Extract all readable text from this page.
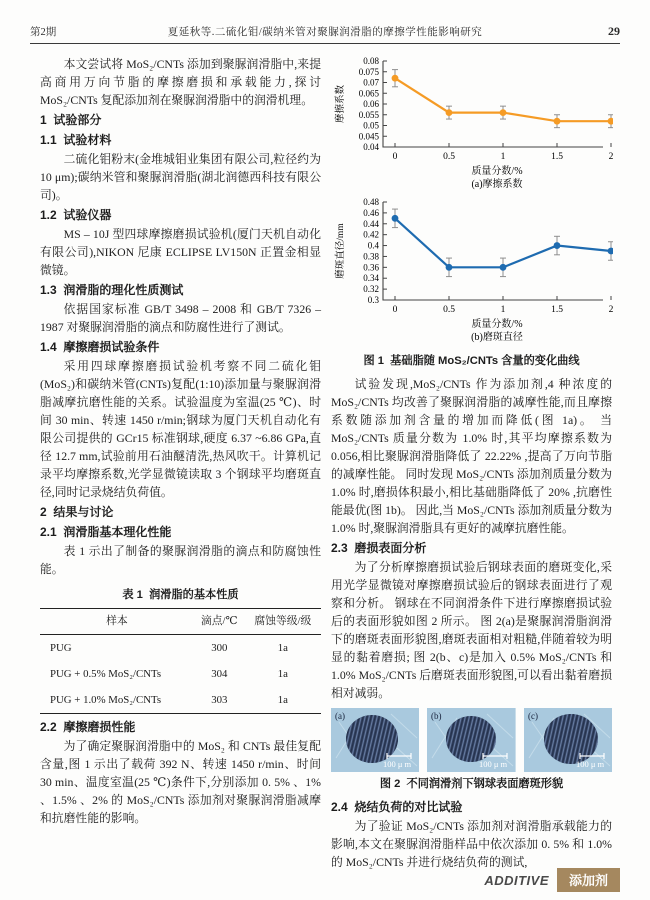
第2期	夏延秋等.二硫化钼/碳纳米管对聚脲润滑脂的摩擦学性能影响研究	29

本文尝试将 MoS₂/CNTs 添加到聚脲润滑脂中,来提高商用万向节脂的摩擦磨损和承载能力,探讨 MoS₂/CNTs 复配添加剂在聚脲润滑脂中的润滑机理。

1  试验部分
1.1  试验材料

二硫化钼粉末(金堆城钼业集团有限公司,粒径约为 10 μm);碳纳米管和聚脲润滑脂(湖北润德西科技有限公司)。

1.2  试验仪器

MS – 10J 型四球摩擦磨损试验机(厦门天机自动化有限公司),NIKON 尼康 ECLIPSE LV150N 正置金相显微镜。

1.3  润滑脂的理化性质测试

依据国家标准 GB/T 3498 – 2008 和 GB/T 7326 – 1987 对聚脲润滑脂的滴点和防腐性进行了测试。

1.4  摩擦磨损试验条件

采用四球摩擦磨损试验机考察不同二硫化钼(MoS₂)和碳纳米管(CNTs)复配(1:10)添加量与聚脲润滑脂减摩抗磨性能的关系。试验温度为室温(25 ℃)、时间 30 min、转速 1450 r/min;钢球为厦门天机自动化有限公司提供的 GCr15 标准钢球,硬度 6.37 ~6.86 GPa,直径 12.7 mm,试验前用石油醚清洗,热风吹干。计算机记录平均摩擦系数,光学显微镜读取 3 个钢球平均磨斑直径,同时记录烧结负荷值。

2  结果与讨论
2.1  润滑脂基本理化性能

表 1 示出了制备的聚脲润滑脂的滴点和防腐蚀性能。

表 1  润滑脂的基本性质
样本	滴点/℃	腐蚀等级/级
PUG	300	1a
PUG + 0.5% MoS₂/CNTs	304	1a
PUG + 1.0% MoS₂/CNTs	303	1a
2.2  摩擦磨损性能

为了确定聚脲润滑脂中的 MoS₂ 和 CNTs 最佳复配含量,图 1 示出了载荷 392 N、转速 1450 r/min、时间 30 min、温度室温(25 ℃)条件下,分别添加 0. 5% 、1% 、1.5% 、2% 的 MoS₂/CNTs 添加剂对聚脲润滑脂减摩和抗磨性能的影响。

0.04
0.045
0.05
0.055
0.06
0.065
0.07
0.075
0.08
0	0.5	1	1.5	2
摩擦系数
质量分数/%
(a)摩擦系数

0.3
0.32
0.34
0.36
0.38
0.4
0.42
0.44
0.46
0.48
0	0.5	1	1.5	2
磨斑直径/mm
质量分数/%
(b)磨斑直径
图 1  基础脂随 MoS₂/CNTs 含量的变化曲线

试验发现,MoS₂/CNTs 作为添加剂,4 种浓度的 MoS₂/CNTs 均改善了聚脲润滑脂的减摩性能,而且摩擦系数随添加剂含量的增加而降低(图 1a)。 当 MoS₂/CNTs 质量分数为 1.0% 时,其平均摩擦系数为 0.056,相比聚脲润滑脂降低了 22.22% ,提高了万向节脂的减摩性能。 同时发现 MoS₂/CNTs 添加剂质量分数为 1.0% 时,磨损体积最小,相比基础脂降低了 20% ,抗磨性能最优(图 1b)。 因此,当 MoS₂/CNTs 添加剂质量分数为 1.0% 时,聚脲润滑脂具有更好的减摩抗磨性能。

2.3  磨损表面分析

为了分析摩擦磨损试验后钢球表面的磨斑变化,采用光学显微镜对摩擦磨损试验后的钢球表面进行了观察和分析。 钢球在不同润滑条件下进行摩擦磨损试验后的表面形貌如图 2 所示。 图 2(a)是聚脲润滑脂润滑下的磨斑表面形貌图,磨斑表面相对粗糙,伴随着较为明显的黏着磨损; 图 2(b、c)是加入 0.5% MoS₂/CNTs 和 1.0% MoS₂/CNTs 后磨斑表面形貌图,可以看出黏着磨损相对减弱。

(a)
100 μ m
(b)
100 μ m
(c)
100 μ m
图 2  不同润滑剂下钢球表面磨斑形貌
2.4  烧结负荷的对比试验

为了验证 MoS₂/CNTs 添加剂对润滑脂承载能力的影响,本文在聚脲润滑脂样品中依次添加 0. 5% 和 1.0% 的 MoS₂/CNTs 并进行烧结负荷的测试,

ADDITIVE	添加剂
